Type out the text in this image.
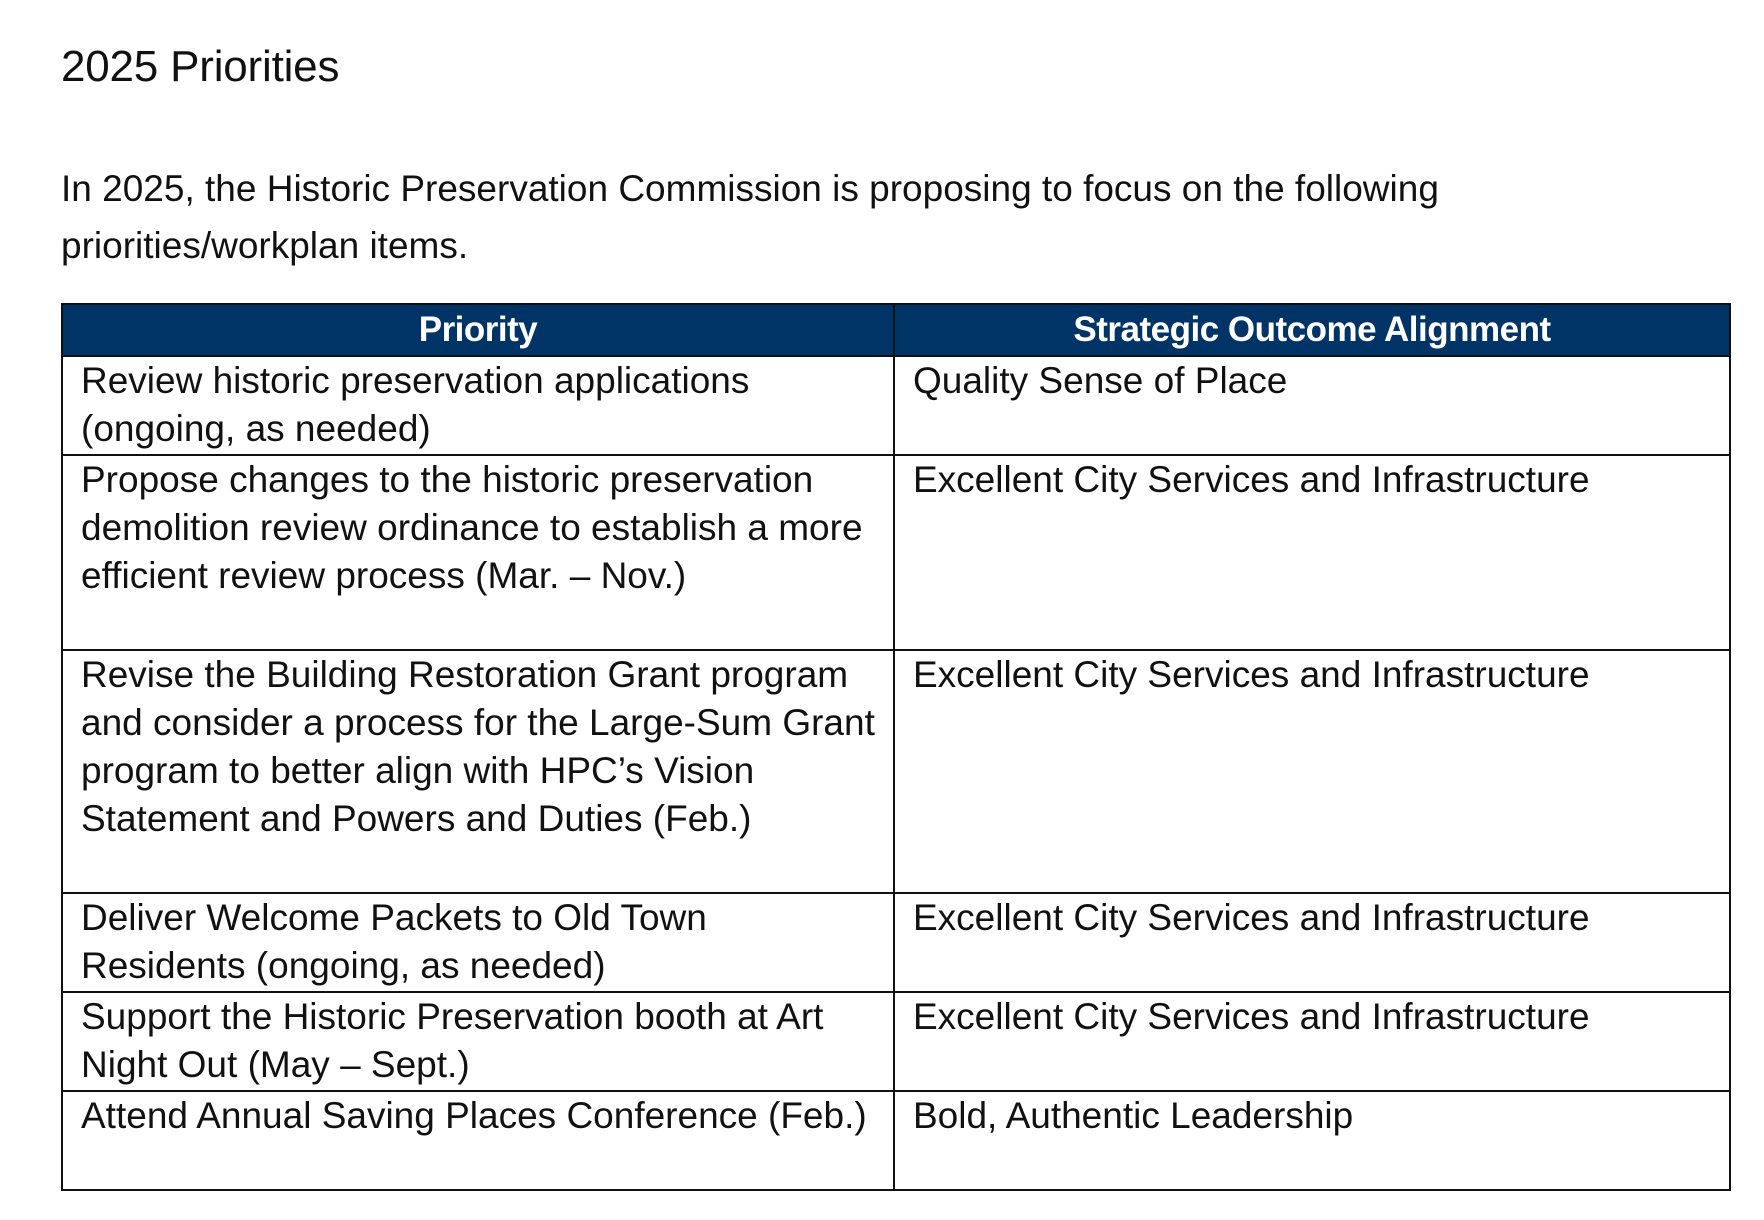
2025 Priorities

In 2025, the Historic Preservation Commission is proposing to focus on the following priorities/workplan items.

Priority	Strategic Outcome Alignment
Review historic preservation applications (ongoing, as needed)	Quality Sense of Place
Propose changes to the historic preservation demolition review ordinance to establish a more efficient review process (Mar. – Nov.)	Excellent City Services and Infrastructure
Revise the Building Restoration Grant program and consider a process for the Large-Sum Grant program to better align with HPC’s Vision Statement and Powers and Duties (Feb.)	Excellent City Services and Infrastructure
Deliver Welcome Packets to Old Town Residents (ongoing, as needed)	Excellent City Services and Infrastructure
Support the Historic Preservation booth at Art Night Out (May – Sept.)	Excellent City Services and Infrastructure
Attend Annual Saving Places Conference (Feb.)	Bold, Authentic Leadership
